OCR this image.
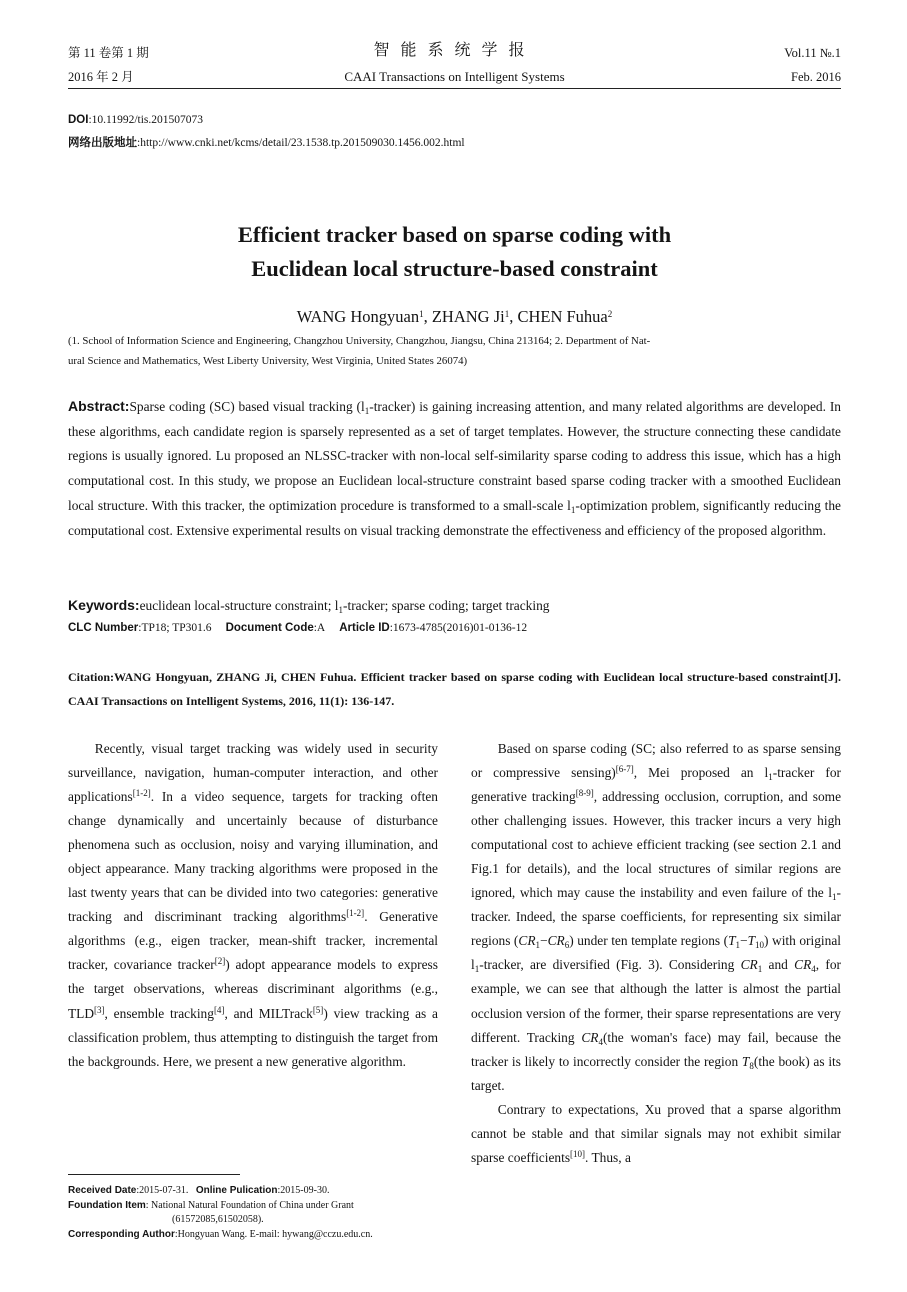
第 11 卷第 1 期
2016 年 2 月
智能系统学报
CAAI Transactions on Intelligent Systems
Vol.11 №.1
Feb. 2016
DOI:10.11992/tis.201507073
网络出版地址:http://www.cnki.net/kcms/detail/23.1538.tp.201509030.1456.002.html
Efficient tracker based on sparse coding with
Euclidean local structure-based constraint
WANG Hongyuan$^1$, ZHANG Ji$^1$, CHEN Fuhua$^2$
(1. School of Information Science and Engineering, Changzhou University, Changzhou, Jiangsu, China 213164; 2. Department of Nat-
ural Science and Mathematics, West Liberty University, West Virginia, United States 26074)
Abstract:Sparse coding (SC) based visual tracking $(l_1-tracker)$ is gaining increasing attention, and many related algorithms are developed. In these algorithms, each candidate region is sparsely represented as a set of target templates. However, the structure connecting these candidate regions is usually ignored. Lu proposed an NLSSC-tracker with non-local self-similarity sparse coding to address this issue, which has a high computational cost. In this study, we propose an Euclidean local-structure constraint based sparse coding tracker with a smoothed Euclidean local structure. With this tracker, the optimization procedure is transformed to a small-scale $l_1$-optimization problem, significantly reducing the computational cost. Extensive experimental results on visual tracking demonstrate the effectiveness and efficiency of the proposed algorithm.
Keywords:euclidean local-structure constraint; $l_1$-tracker; sparse coding; target tracking
CLC Number:TP18; TP301.6 Document Code:A Article ID:1673-4785(2016)01-0136-12
Citation:WANG Hongyuan, ZHANG Ji, CHEN Fuhua. Efficient tracker based on sparse coding with Euclidean local structure-based constraint[J]. CAAI Transactions on Intelligent Systems, 2016, 11(1): 136-147.

Recently, visual target tracking was widely used in security surveillance, navigation, human-computer interaction, and other applications[1-2]. In a video sequence, targets for tracking often change dynamically and uncertainly because of disturbance phenomena such as occlusion, noisy and varying illumination, and object appearance. Many tracking algorithms were proposed in the last twenty years that can be divided into two categories: generative tracking and discriminant tracking algorithms[1-2]. Generative algorithms (e.g., eigen tracker, mean-shift tracker, incremental tracker, covariance tracker[2]) adopt appearance models to express the target observations, whereas discriminant algorithms (e.g., TLD[3], ensemble tracking[4], and MILTrack[5]) view tracking as a classification problem, thus attempting to distinguish the target from the backgrounds. Here, we present a new generative algorithm.

Received Date:2015-07-31. Online Pulication:2015-09-30.
Foundation Item: National Natural Foundation of China under Grant
(61572085,61502058).
Corresponding Author:Hongyuan Wang. E-mail: hywang@cczu.edu.cn.

Based on sparse coding (SC; also referred to as sparse sensing or compressive sensing)[6-7], Mei proposed an $l_1$-tracker for generative tracking[8-9], addressing occlusion, corruption, and some other challenging issues. However, this tracker incurs a very high computational cost to achieve efficient tracking (see section 2.1 and Fig.1 for details), and the local structures of similar regions are ignored, which may cause the instability and even failure of the $l_1$-tracker. Indeed, the sparse coefficients, for representing six similar regions $(CR_1-CR_6)$ under ten template regions $(T_1-T_{10})$ with original $l_1$-tracker, are diversified (Fig. 3). Considering $CR_1$ and $CR_4$, for example, we can see that although the latter is almost the partial occlusion version of the former, their sparse representations are very different. Tracking $CR_4(the$ woman's face) may fail, because the tracker is likely to incorrectly consider the region $T_8(the$ book) as its target.

Contrary to expectations, Xu proved that a sparse algorithm cannot be stable and that similar signals may not exhibit similar sparse coefficients[10]. Thus, a
